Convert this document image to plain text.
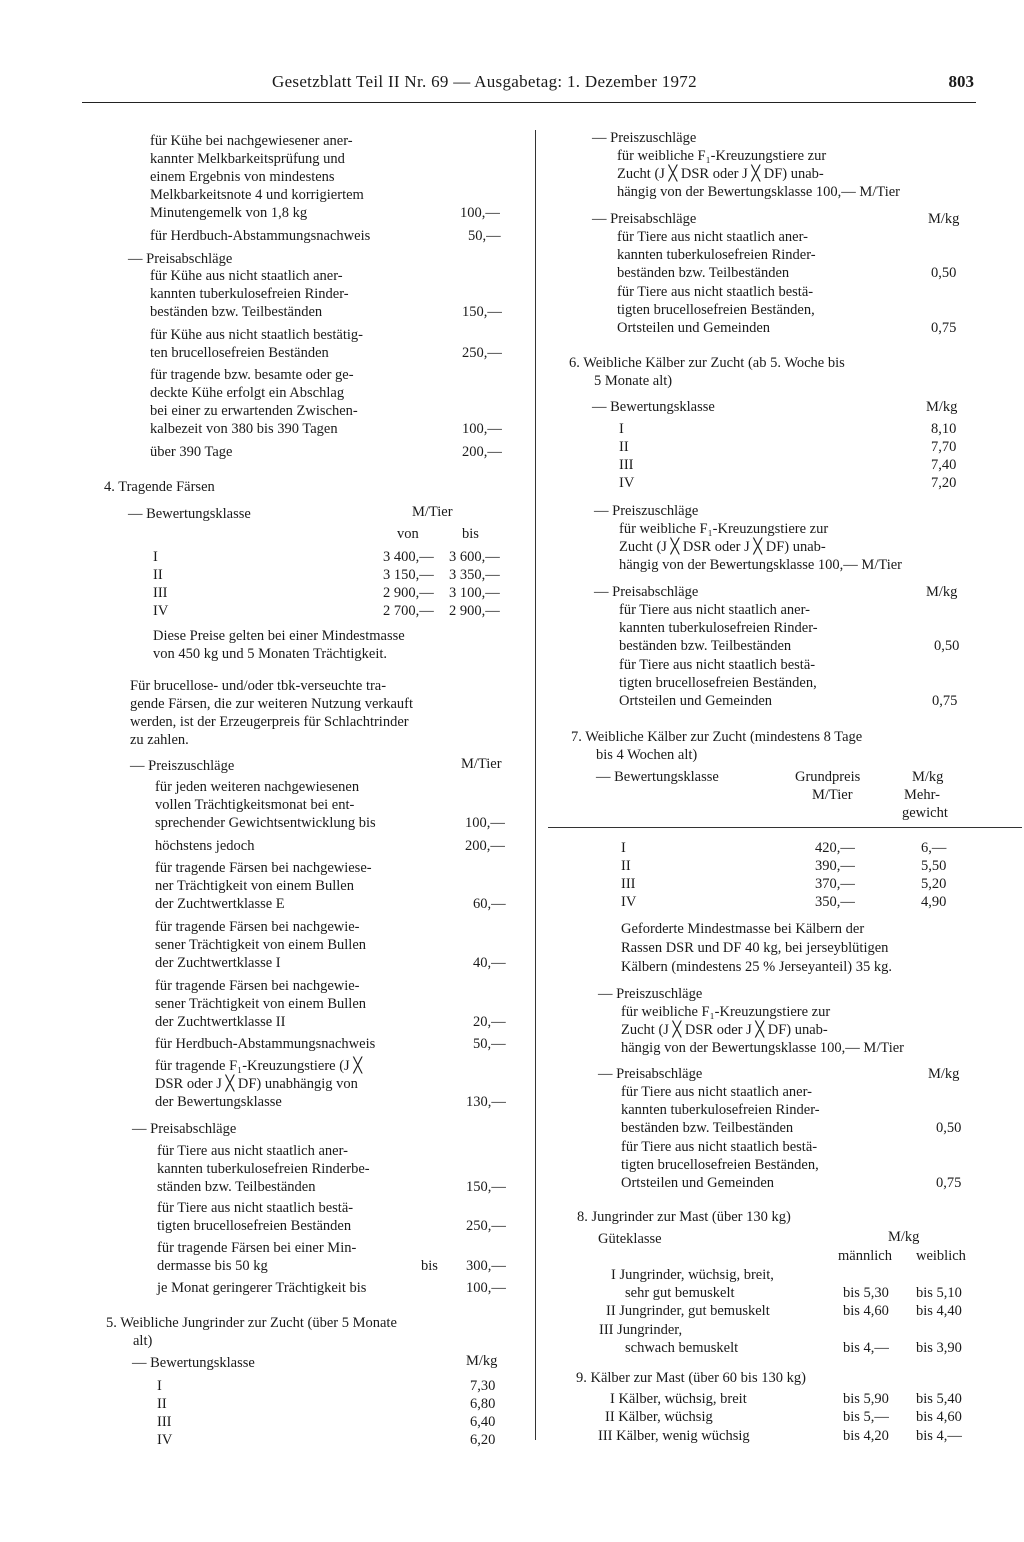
Gesetzblatt Teil II Nr. 69 — Ausgabetag: 1. Dezember 1972	803
für Kühe bei nachgewiesener aner-
kannter Melkbarkeitsprüfung und
einem Ergebnis von mindestens
Melkbarkeitsnote 4 und korrigiertem
Minutengemelk von 1,8 kg	100,—
für Herdbuch-Abstammungsnachweis	50,—
— Preisabschläge
für Kühe aus nicht staatlich aner-
kannten tuberkulosefreien Rinder-
beständen bzw. Teilbeständen	150,—
für Kühe aus nicht staatlich bestätig-
ten brucellosefreien Beständen	250,—
für tragende bzw. besamte oder ge-
deckte Kühe erfolgt ein Abschlag
bei einer zu erwartenden Zwischen-
kalbezeit von 380 bis 390 Tagen	100,—
über 390 Tage	200,—
4. Tragende Färsen
— Bewertungsklasse	M/Tier
von	bis
I	3 400,— 3 600,—
II	3 150,— 3 350,—
III	2 900,— 3 100,—
IV	2 700,— 2 900,—
Diese Preise gelten bei einer Mindestmasse
von 450 kg und 5 Monaten Trächtigkeit.
Für brucellose- und/oder tbk-verseuchte tra-
gende Färsen, die zur weiteren Nutzung verkauft
werden, ist der Erzeugerpreis für Schlachtrinder
zu zahlen.
— Preiszuschläge	M/Tier
für jeden weiteren nachgewiesenen
vollen Trächtigkeitsmonat bei ent-
sprechender Gewichtsentwicklung bis	100,—
höchstens jedoch	200,—
für tragende Färsen bei nachgewiese-
ner Trächtigkeit von einem Bullen
der Zuchtwertklasse E	60,—
für tragende Färsen bei nachgewie-
sener Trächtigkeit von einem Bullen
der Zuchtwertklasse I	40,—
für tragende Färsen bei nachgewie-
sener Trächtigkeit von einem Bullen
der Zuchtwertklasse II	20,—
für Herdbuch-Abstammungsnachweis	50,—
für tragende F₁-Kreuzungstiere (J ╳
DSR oder J ╳ DF) unabhängig von
der Bewertungsklasse	130,—
— Preisabschläge
für Tiere aus nicht staatlich aner-
kannten tuberkulosefreien Rinderbe-
ständen bzw. Teilbeständen	150,—
für Tiere aus nicht staatlich bestä-
tigten brucellosefreien Beständen	250,—
für tragende Färsen bei einer Min-
dermasse bis 50 kg	bis 300,—
je Monat geringerer Trächtigkeit bis	100,—
5. Weibliche Jungrinder zur Zucht (über 5 Monate
alt)
— Bewertungsklasse	M/kg
I	7,30
II	6,80
III	6,40
IV	6,20
— Preiszuschläge
für weibliche F₁-Kreuzungstiere zur
Zucht (J ╳ DSR oder J ╳ DF) unab-
hängig von der Bewertungsklasse 100,— M/Tier
— Preisabschläge	M/kg
für Tiere aus nicht staatlich aner-
kannten tuberkulosefreien Rinder-
beständen bzw. Teilbeständen	0,50
für Tiere aus nicht staatlich bestä-
tigten brucellosefreien Beständen,
Ortsteilen und Gemeinden	0,75
6. Weibliche Kälber zur Zucht (ab 5. Woche bis
5 Monate alt)
— Bewertungsklasse	M/kg
I	8,10
II	7,70
III	7,40
IV	7,20
— Preiszuschläge
für weibliche F₁-Kreuzungstiere zur
Zucht (J ╳ DSR oder J ╳ DF) unab-
hängig von der Bewertungsklasse 100,— M/Tier
— Preisabschläge	M/kg
für Tiere aus nicht staatlich aner-
kannten tuberkulosefreien Rinder-
beständen bzw. Teilbeständen	0,50
für Tiere aus nicht staatlich bestä-
tigten brucellosefreien Beständen,
Ortsteilen und Gemeinden	0,75
7. Weibliche Kälber zur Zucht (mindestens 8 Tage
bis 4 Wochen alt)
— Bewertungsklasse	Grundpreis
M/Tier
M/kg
Mehr-
gewicht
I	420,—	6,—
II	390,—	5,50
III	370,—	5,20
IV	350,—	4,90
Geforderte Mindestmasse bei Kälbern der
Rassen DSR und DF 40 kg, bei jerseyblütigen
Kälbern (mindestens 25 % Jerseyanteil) 35 kg.
— Preiszuschläge
für weibliche F₁-Kreuzungstiere zur
Zucht (J ╳ DSR oder J ╳ DF) unab-
hängig von der Bewertungsklasse 100,— M/Tier
— Preisabschläge	M/kg
für Tiere aus nicht staatlich aner-
kannten tuberkulosefreien Rinder-
beständen bzw. Teilbeständen	0,50
für Tiere aus nicht staatlich bestä-
tigten brucellosefreien Beständen,
Ortsteilen und Gemeinden	0,75
8. Jungrinder zur Mast (über 130 kg)
Güteklasse	M/kg
männlich weiblich
I Jungrinder, wüchsig, breit,
sehr gut bemuskelt	bis 5,30 bis 5,10
II Jungrinder, gut bemuskelt	bis 4,60 bis 4,40
III Jungrinder,
schwach bemuskelt	bis 4,— bis 3,90
9. Kälber zur Mast (über 60 bis 130 kg)
I Kälber, wüchsig, breit	bis 5,90 bis 5,40
II Kälber, wüchsig	bis 5,— bis 4,60
III Kälber, wenig wüchsig	bis 4,20 bis 4,—
